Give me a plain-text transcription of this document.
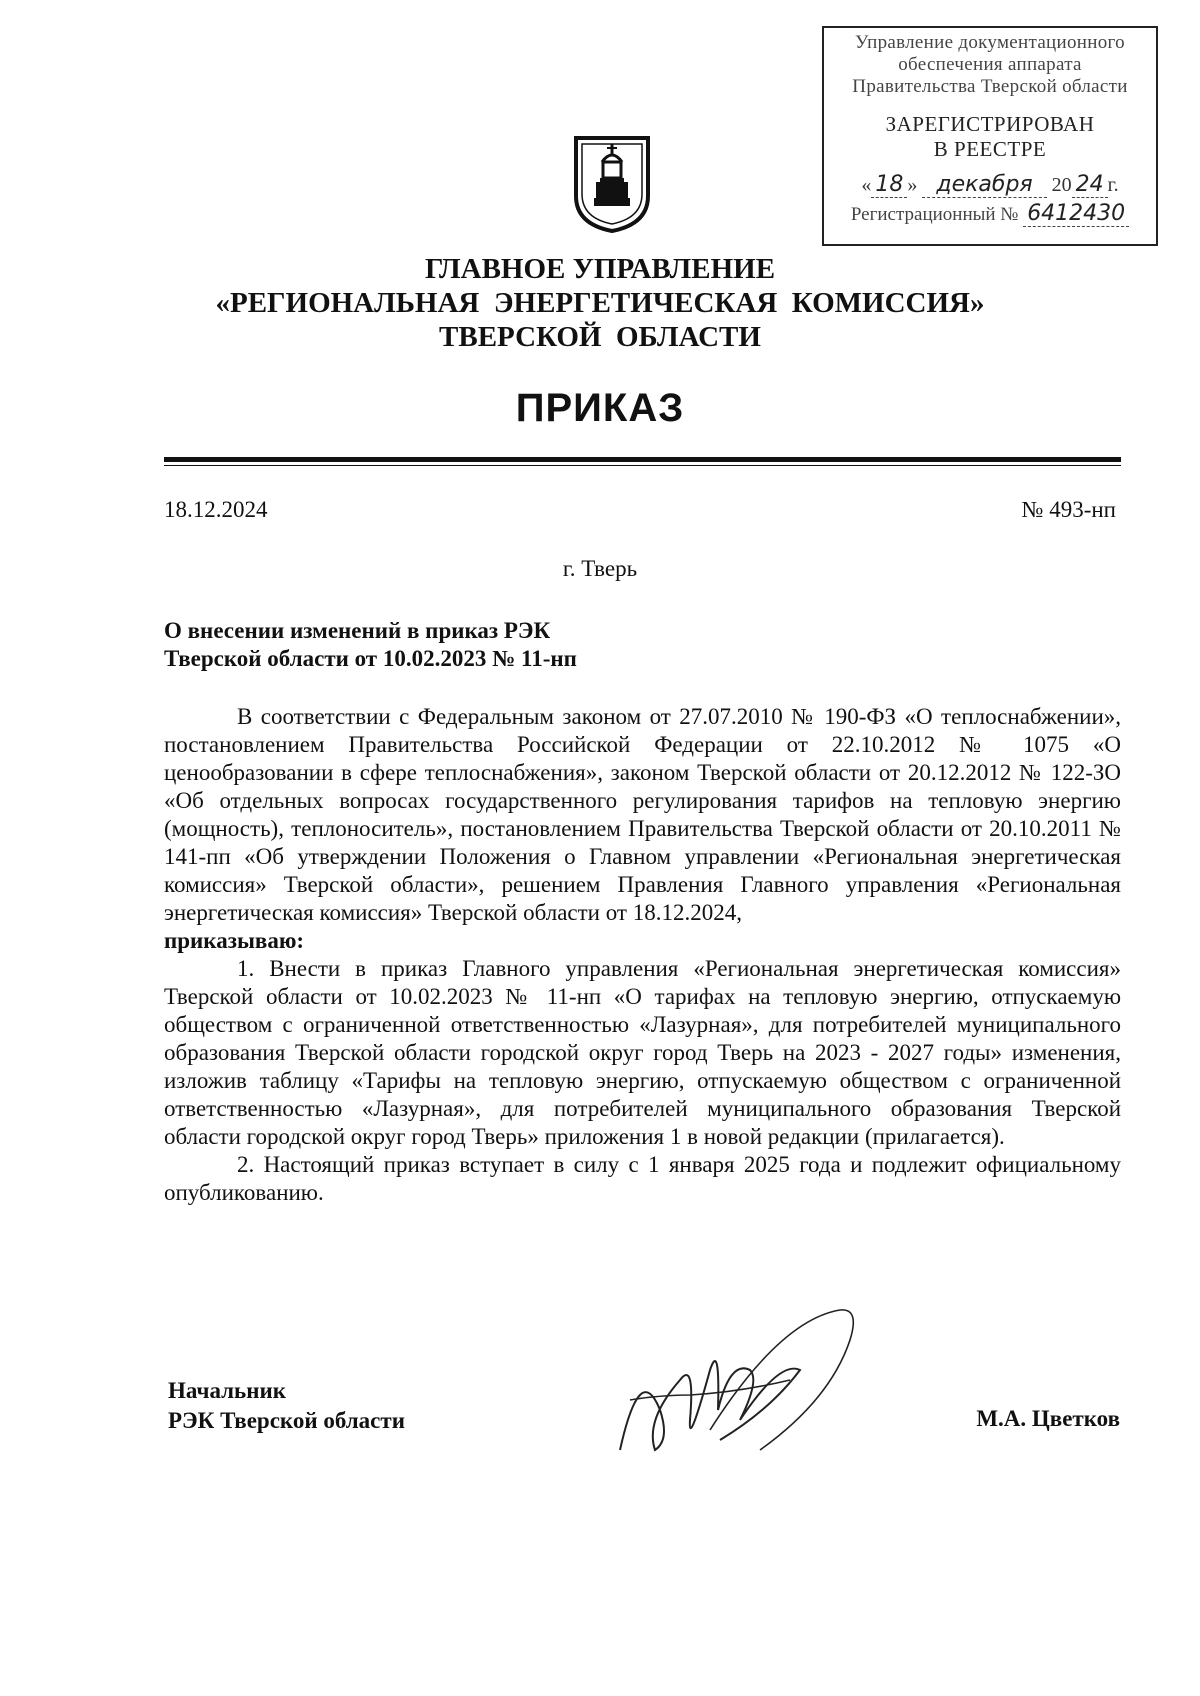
Управление документационного
обеспечения аппарата
Правительства Тверской области
ЗАРЕГИСТРИРОВАН
В РЕЕСТРЕ
« 18 » декабря 20 24 г.
Регистрационный № 6412430
ГЛАВНОЕ УПРАВЛЕНИЕ
«РЕГИОНАЛЬНАЯ  ЭНЕРГЕТИЧЕСКАЯ  КОМИССИЯ»
ТВЕРСКОЙ  ОБЛАСТИ
ПРИКАЗ
18.12.2024	№ 493-нп
г. Тверь
О внесении изменений в приказ РЭК
Тверской области от 10.02.2023 № 11-нп

В соответствии с Федеральным законом от 27.07.2010 № 190-ФЗ «О теплоснабжении», постановлением Правительства Российской Федерации от 22.10.2012 № 1075 «О ценообразовании в сфере теплоснабжения», законом Тверской области от 20.12.2012 № 122-ЗО «Об отдельных вопросах государственного регулирования тарифов на тепловую энергию (мощность), теплоноситель», постановлением Правительства Тверской области от 20.10.2011 № 141-пп «Об утверждении Положения о Главном управлении «Региональная энергетическая комиссия» Тверской области», решением Правления Главного управления «Региональная энергетическая комиссия» Тверской области от 18.12.2024,

приказываю:

1. Внести в приказ Главного управления «Региональная энергетическая комиссия» Тверской области от 10.02.2023 № 11-нп «О тарифах на тепловую энергию, отпускаемую обществом с ограниченной ответственностью «Лазурная», для потребителей муниципального образования Тверской области городской округ город Тверь на 2023 - 2027 годы» изменения, изложив таблицу «Тарифы на тепловую энергию, отпускаемую обществом с ограниченной ответственностью «Лазурная», для потребителей муниципального образования Тверской области городской округ город Тверь» приложения 1 в новой редакции (прилагается).

2. Настоящий приказ вступает в силу с 1 января 2025 года и подлежит официальному опубликованию.

Начальник
РЭК Тверской области	М.А. Цветков
